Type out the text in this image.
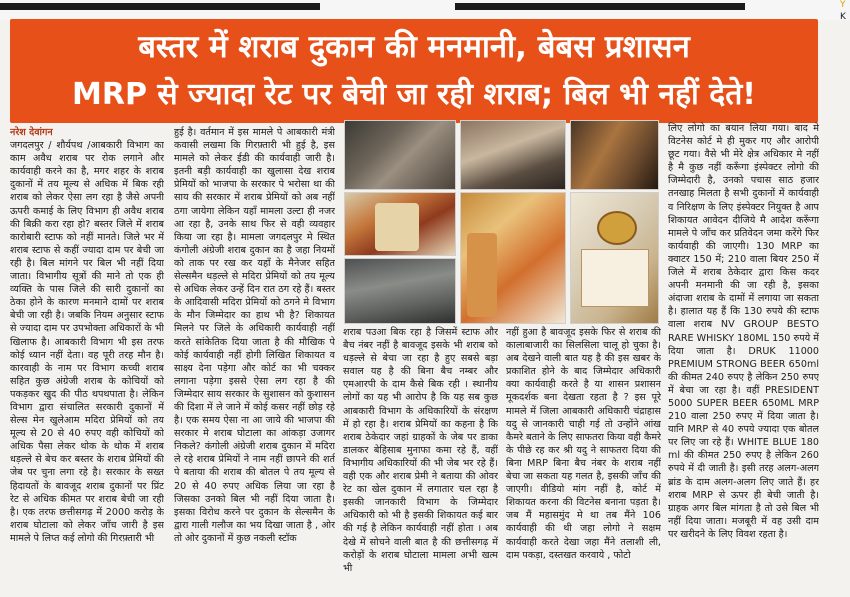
Y
K
बस्तर में शराब दुकान की मनमानी, बेबस प्रशासन
MRP से ज्यादा रेट पर बेची जा रही शराब; बिल भी नहीं देते!
नरेश देवांगन
जगदलपुर / शौर्यपथ /आबकारी विभाग का काम अवैध शराब पर रोक लगाने और कार्यवाही करने का है, मगर शहर के शराब दुकानों में तय मूल्य से अधिक में बिक रही शराब को लेकर ऐसा लग रहा है जैसे अपनी ऊपरी कमाई के लिए विभाग ही अवैध शराब की बिक्री करा रहा हो? बस्तर जिले में शराब कारोबारी स्टाफ को नहीं मानते। जिले भर में शराब स्टाफ से कहीं ज्यादा दाम पर बेची जा रही है। बिल मांगने पर बिल भी नहीं दिया जाता। विभागीय सूत्रों की माने तो एक ही व्यक्ति के पास जिले की सारी दुकानों का ठेका होने के कारण मनमाने दामों पर शराब बेची जा रही है। जबकि नियम अनुसार स्टाफ से ज्यादा दाम पर उपभोक्ता अधिकारों के भी खिलाफ है। आबकारी विभाग भी इस तरफ कोई ध्यान नहीं देता। वह पूरी तरह मौन है। कारवाही के नाम पर विभाग कच्ची शराब सहित कुछ अंग्रेजी शराब के कोचियों को पकड़कर खुद की पीठ थपथपाता है। लेकिन विभाग द्वारा संचालित सरकारी दुकानों में सेल्स मेन खुलेआम मदिरा प्रेमियों को तय मूल्य से 20 से 40 रुपए वही कोचियों को अधिक पैसा लेकर थोक के थोक में शराब धड़ल्ले से बेच कर बस्तर के शराब प्रेमियों की जेब पर चुना लगा रहे है। सरकार के सख्त हिदायतों के बावजूद शराब दुकानों पर प्रिंट रेट से अधिक कीमत पर शराब बेची जा रही है। एक तरफ छत्तीसगढ़ में 2000 करोड़ के शराब घोटाला को लेकर जाँच जारी है इस मामले पे लिप्त कई लोगो की गिरफ़्तारी भी
हुई है। वर्तमान में इस मामले पे आबकारी मंत्री कवासी लखमा कि गिरफ़्तारी भी हुई है, इस मामले को लेकर ईडी की कार्यवाही जारी है। इतनी बड़ी कार्यवाही का खुलासा देख शराब प्रेमियों को भाजपा के सरकार पे भरोसा था की साय की सरकार में शराब प्रेमियों को अब नहीं ठगा जायेगा लेकिन यहाँ मामला उल्टा ही नजर आ रहा है, उनके साथ फिर से वही व्यवहार किया जा रहा है। मामला जगदलपुर मे स्थित कंगोली अंग्रेजी शराब दुकान का है जहा नियमों को ताक पर रख कर यहाँ के मैनेजर सहित सेल्समैन धड़ल्ले से मदिरा प्रेमियों को तय मूल्य से अधिक लेकर उन्हें दिन रात ठग रहे हैं। बस्तर के आदिवासी मदिरा प्रेमियों को ठगने मे विभाग के मौन जिम्मेदार का हाथ भी है? शिकायत मिलने पर जिले के अधिकारी कार्यवाही नहीं करते सांकेतिक दिया जाता है की मौखिक पे कोई कार्यवाही नहीं होगी लिखित शिकायत व साक्ष्य देना पड़ेगा और कोर्ट का भी चक्कर लगाना पड़ेगा इससे ऐसा लग रहा है की जिम्मेदार साय सरकार के सुशासन को कुशासन की दिशा में ले जाने में कोई कसर नहीं छोड़ रहे है। एक समय ऐसा ना आ जाये की भाजपा की सरकार मे शराब घोटाला का आंकड़ा उजागर निकले? कंगोली अंग्रेजी शराब दुकान में मदिरा ले रहे शराब प्रेमियों ने नाम नहीं छापने की शर्त पे बताया की शराब की बोतल पे तय मूल्य से 20 से 40 रुपए अधिक लिया जा रहा है जिसका उनको बिल भी नहीं दिया जाता है। इसका विरोध करने पर दुकान के सेल्समैन के द्वारा गाली गलौज का भय दिखा जाता है , ओर तो ओर दुकानों में कुछ नकली स्टॉक
शराब पउआ बिक रहा है जिसमें स्टाफ और बैच नंबर नहीं है बावजूद इसके भी शराब को धड़ल्ले से बेचा जा रहा है हुए सबसे बड़ा सवाल यह है की बिना बैच नम्बर और एमआरपी के दाम कैसे बिक रही । स्थानीय लोगों का यह भी आरोप है कि यह सब कुछ आबकारी विभाग के अधिकारियों के संरक्षण में हो रहा है। शराब प्रेमियों का कहना है कि शराब ठेकेदार जहां ग्राहकों के जेब पर डाका डालकर बेहिसाब मुनाफा कमा रहे हैं, वहीं विभागीय अधिकारियों की भी जेब भर रहे हैं। वही एक और शराब प्रेमी ने बताया की ओवर रेट का खेल दुकान में लगातार चल रहा है इसकी जानकारी विभाग के जिम्मेदार अधिकारी को भी है इसकी शिकायत कई बार की गई है लेकिन कार्यवाही नहीं होता । अब देखे में सोचने वाली बात है की छत्तीसगढ़ में करोड़ों के शराब घोटाला मामला अभी खत्म भी
नहीं हुआ है बावजूद इसके फिर से शराब की कालाबाजारी का सिलसिला चालू हो चुका है। अब देखने वाली बात यह है की इस खबर के प्रकाशित होने के बाद जिम्मेदार अधिकारी क्या कार्यवाही करते है या शासन प्रशासन मूकदर्शक बना देखता रहता है ? इस पूरे मामले में जिला आबकारी अधिकारी चंद्राहास यदु से जानकारी चाही गई तो उन्होंने आंख कैमरे बताने के लिए साफतरा किया वही कैमरे के पीछे रह कर श्री यदु ने साफतरा दिया की बिना MRP बिना बैच नंबर के शराब नहीं बेचा जा सकता यह गलत है, इसकी जाँच की जाएगी। वीडियो मांग नहीं है, कोर्ट में शिकायत करना की विटनेस बनाना पड़ता है। जब मैं महासमुंद मे था तब मैंने 106 कार्यवाही की थी जहा लोगो ने सक्षम कार्यवाही करते देखा जहा मैंने तलाशी ली, दाम पकड़ा, दस्तखत करवाये , फोटो
लिए लोगो का बयान लिया गया। बाद मे विटनेस कोर्ट मे ही मुकर गए और आरोपी छूट गया। वैसे भी मेरे क्षेत्र अधिकार मे नहीं है मै कुछ नहीं करूँगा इंस्पेक्टर लोगो की जिम्मेदारी है, उनको पचास साठ हजार तनखाह मिलता है सभी दुकानों में कार्यवाही व निरिक्षण के लिए इंस्पेक्टर नियुक्त है आप शिकायत आवेदन दीजिये मै आदेश करूँगा मामले पे जाँच कर प्रतिवेदन जमा करेंगे फिर कार्यवाही की जाएगी। 130 MRP का क्वाटर 150 में; 210 वाला बियर 250 में जिले में शराब ठेकेदार द्वारा किस कदर अपनी मनमानी की जा रही है, इसका अंदाजा शराब के दामों में लगाया जा सकता है। हालात यह हैं कि 130 रुपये की स्टाफ वाला शराब NV GROUP BESTO RARE WHISKY 180ML 150 रुपये में दिया जाता है। DRUK 11000 PREMIUM STRONG BEER 650ml की कीमत 240 रुपए है लेकिन 250 रुपए में बेचा जा रहा है। वहीं PRESIDENT 5000 SUPER BEER 650ML MRP 210 वाला 250 रुपए में दिया जाता है। यानि MRP से 40 रुपये ज्यादा एक बोतल पर लिए जा रहे हैं। WHITE BLUE 180 ml की कीमत 250 रुपए है लेकिन 260 रुपये में दी जाती है। इसी तरह अलग-अलग ब्रांड के दाम अलग-अलग लिए जाते हैं। हर शराब MRP से ऊपर ही बेची जाती है। ग्राहक अगर बिल मांगता है तो उसे बिल भी नहीं दिया जाता। मजबूरी में वह उसी दाम पर खरीदने के लिए विवश रहता है।
